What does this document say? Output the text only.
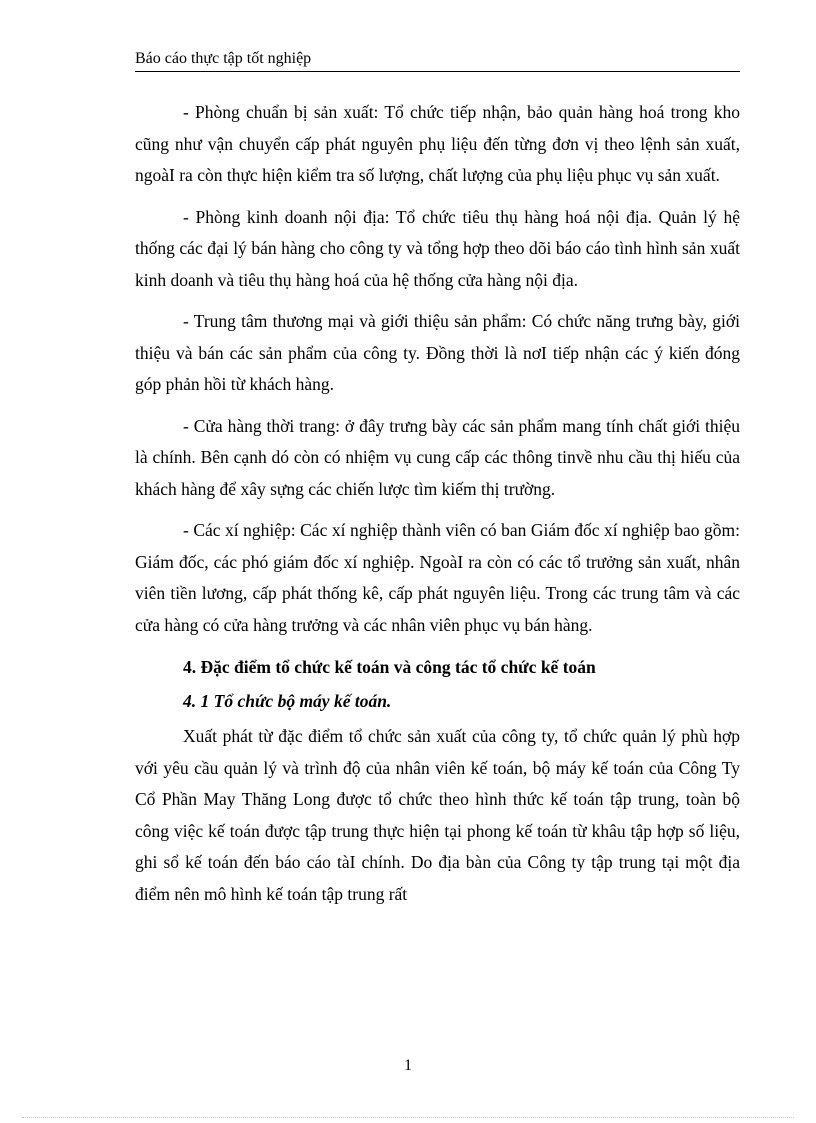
Báo cáo thực tập tốt nghiệp

- Phòng chuẩn bị sản xuất: Tổ chức tiếp nhận, bảo quản hàng hoá trong kho cũng như vận chuyển cấp phát nguyên phụ liệu đến từng đơn vị theo lệnh sản xuất, ngoàI ra còn thực hiện kiểm tra số lượng, chất lượng của phụ liệu phục vụ sản xuất.

- Phòng kinh doanh nội địa: Tổ chức tiêu thụ hàng hoá nội địa. Quản lý hệ thống các đại lý bán hàng cho công ty và tổng hợp theo dõi báo cáo tình hình sản xuất kinh doanh và tiêu thụ hàng hoá của hệ thống cửa hàng nội địa.

- Trung tâm thương mại và giới thiệu sản phẩm: Có chức năng trưng bày, giới thiệu và bán các sản phẩm của công ty. Đồng thời là nơI tiếp nhận các ý kiến đóng góp phản hồi từ khách hàng.

- Cửa hàng thời trang: ở đây trưng bày các sản phẩm mang tính chất giới thiệu là chính. Bên cạnh dó còn có nhiệm vụ cung cấp các thông tinvề nhu cầu thị hiếu của khách hàng để xây sựng các chiến lược tìm kiếm thị trường.

- Các xí nghiệp: Các xí nghiệp thành viên có ban Giám đốc xí nghiệp bao gồm: Giám đốc, các phó giám đốc xí nghiệp. NgoàI ra còn có các tổ trưởng sản xuất, nhân viên tiền lương, cấp phát thống kê, cấp phát nguyên liệu. Trong các trung tâm và các cửa hàng có cửa hàng trưởng và các nhân viên phục vụ bán hàng.

4. Đặc điểm tổ chức kế toán và công tác tổ chức kế toán

4. 1 Tổ chức bộ máy kế toán.

Xuất phát từ đặc điểm tổ chức sản xuất của công ty, tổ chức quản lý phù hợp với yêu cầu quản lý và trình độ của nhân viên kế toán, bộ máy kế toán của Công Ty Cổ Phần May Thăng Long được tổ chức theo hình thức kế toán tập trung, toàn bộ công việc kế toán được tập trung thực hiện tại phong kế toán từ khâu tập hợp số liệu, ghi sổ kế toán đến báo cáo tàI chính. Do địa bàn của Công ty tập trung tại một địa điểm nên mô hình kế toán tập trung rất

1
